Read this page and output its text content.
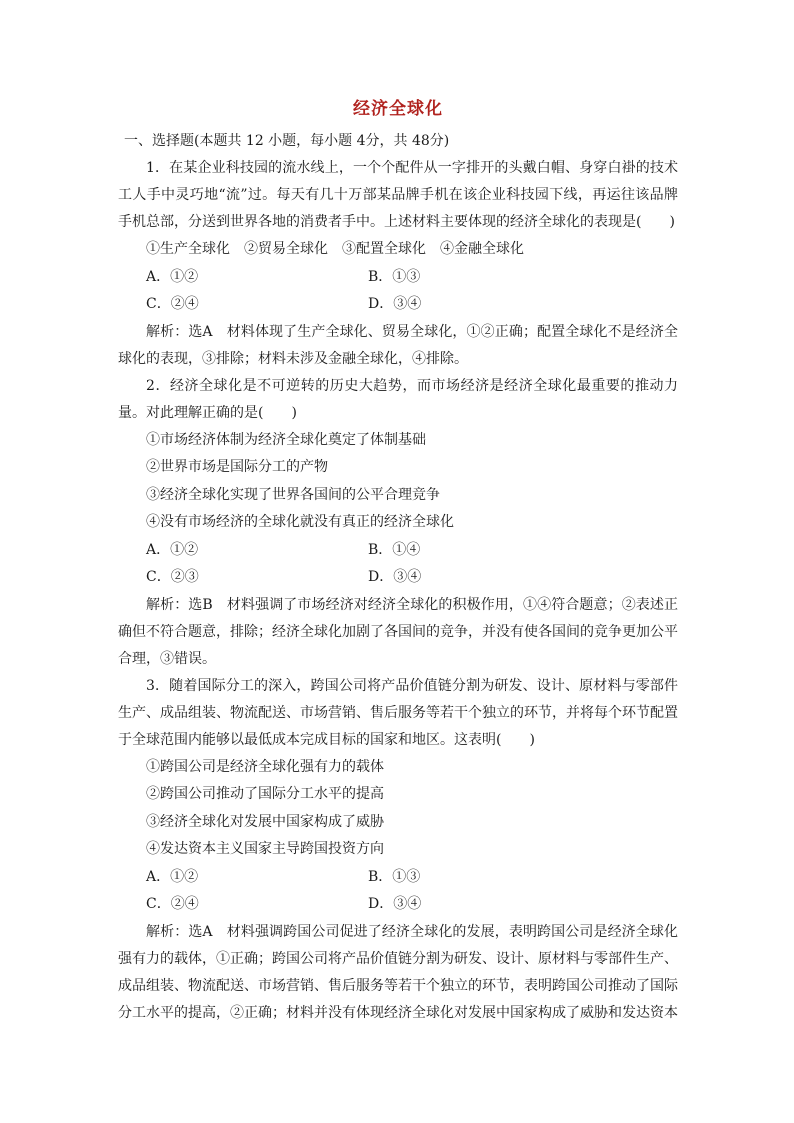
经济全球化
一、选择题(本题共 12 小题，每小题 4分，共 48分)

1．在某企业科技园的流水线上，一个个配件从一字排开的头戴白帽、身穿白褂的技术工人手中灵巧地“流”过。每天有几十万部某品牌手机在该企业科技园下线，再运往该品牌手机总部，分送到世界各地的消费者手中。上述材料主要体现的经济全球化的表现是(　　)

①生产全球化　②贸易全球化　③配置全球化　④金融全球化
A．①②	B．①③
C．②④	D．③④

解析：选A　材料体现了生产全球化、贸易全球化，①②正确；配置全球化不是经济全球化的表现，③排除；材料未涉及金融全球化，④排除。

2．经济全球化是不可逆转的历史大趋势，而市场经济是经济全球化最重要的推动力量。对此理解正确的是(　　)

①市场经济体制为经济全球化奠定了体制基础
②世界市场是国际分工的产物
③经济全球化实现了世界各国间的公平合理竞争
④没有市场经济的全球化就没有真正的经济全球化
A．①②	B．①④
C．②③	D．③④

解析：选B　材料强调了市场经济对经济全球化的积极作用，①④符合题意；②表述正确但不符合题意，排除；经济全球化加剧了各国间的竞争，并没有使各国间的竞争更加公平合理，③错误。

3．随着国际分工的深入，跨国公司将产品价值链分割为研发、设计、原材料与零部件生产、成品组装、物流配送、市场营销、售后服务等若干个独立的环节，并将每个环节配置于全球范围内能够以最低成本完成目标的国家和地区。这表明(　　)

①跨国公司是经济全球化强有力的载体
②跨国公司推动了国际分工水平的提高
③经济全球化对发展中国家构成了威胁
④发达资本主义国家主导跨国投资方向
A．①②	B．①③
C．②④	D．③④

解析：选A　材料强调跨国公司促进了经济全球化的发展，表明跨国公司是经济全球化强有力的载体，①正确；跨国公司将产品价值链分割为研发、设计、原材料与零部件生产、成品组装、物流配送、市场营销、售后服务等若干个独立的环节，表明跨国公司推动了国际分工水平的提高，②正确；材料并没有体现经济全球化对发展中国家构成了威胁和发达资本
